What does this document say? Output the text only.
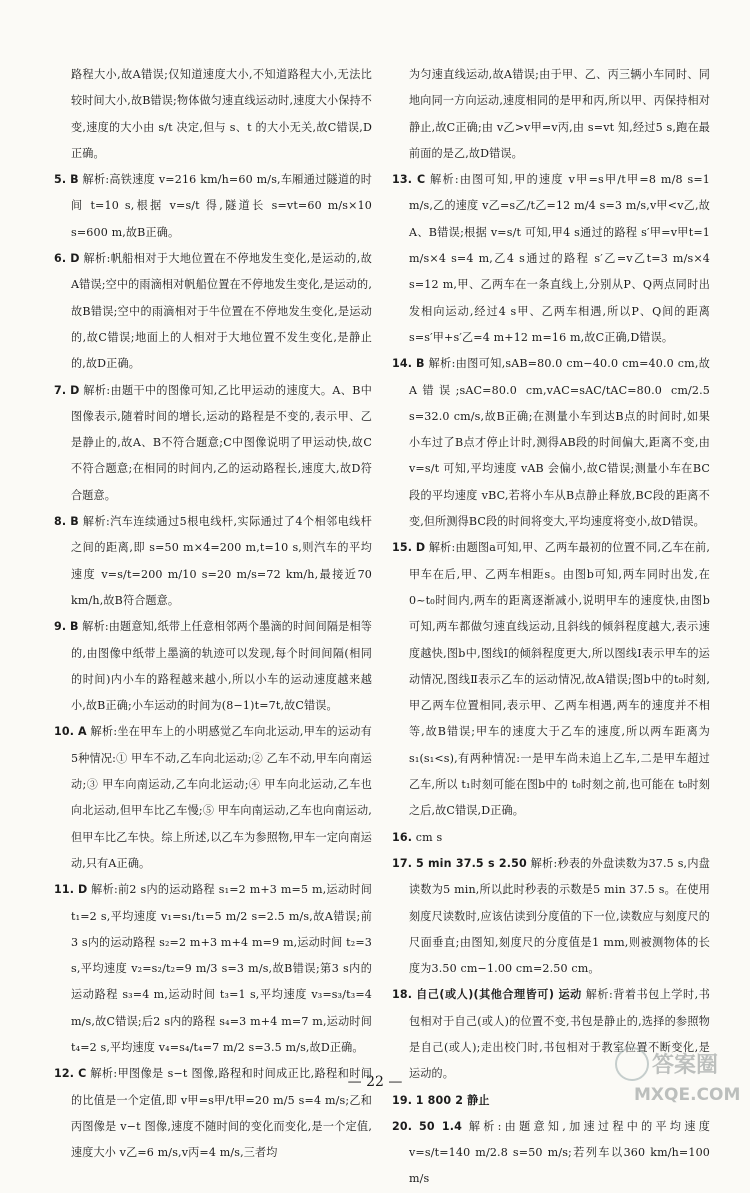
路程大小,故A错误;仅知道速度大小,不知道路程大小,无法比较时间大小,故B错误;物体做匀速直线运动时,速度大小保持不变,速度的大小由 s/t 决定,但与 s、t 的大小无关,故C错误,D正确。

5. B 解析:高铁速度 v=216 km/h=60 m/s,车厢通过隧道的时间 t=10 s,根据 v=s/t 得,隧道长 s=vt=60 m/s×10 s=600 m,故B正确。

6. D 解析:帆船相对于大地位置在不停地发生变化,是运动的,故A错误;空中的雨滴相对帆船位置在不停地发生变化,是运动的,故B错误;空中的雨滴相对于牛位置在不停地发生变化,是运动的,故C错误;地面上的人相对于大地位置不发生变化,是静止的,故D正确。

7. D 解析:由题干中的图像可知,乙比甲运动的速度大。A、B中图像表示,随着时间的增长,运动的路程是不变的,表示甲、乙是静止的,故A、B不符合题意;C中图像说明了甲运动快,故C不符合题意;在相同的时间内,乙的运动路程长,速度大,故D符合题意。

8. B 解析:汽车连续通过5根电线杆,实际通过了4个相邻电线杆之间的距离,即 s=50 m×4=200 m,t=10 s,则汽车的平均速度 v=s/t=200 m/10 s=20 m/s=72 km/h,最接近70 km/h,故B符合题意。

9. B 解析:由题意知,纸带上任意相邻两个墨滴的时间间隔是相等的,由图像中纸带上墨滴的轨迹可以发现,每个时间间隔(相同的时间)内小车的路程越来越小,所以小车的运动速度越来越小,故B正确;小车运动的时间为(8−1)t=7t,故C错误。

10. A 解析:坐在甲车上的小明感觉乙车向北运动,甲车的运动有5种情况:① 甲车不动,乙车向北运动;② 乙车不动,甲车向南运动;③ 甲车向南运动,乙车向北运动;④ 甲车向北运动,乙车也向北运动,但甲车比乙车慢;⑤ 甲车向南运动,乙车也向南运动,但甲车比乙车快。综上所述,以乙车为参照物,甲车一定向南运动,只有A正确。

11. D 解析:前2 s内的运动路程 s₁=2 m+3 m=5 m,运动时间 t₁=2 s,平均速度 v₁=s₁/t₁=5 m/2 s=2.5 m/s,故A错误;前3 s内的运动路程 s₂=2 m+3 m+4 m=9 m,运动时间 t₂=3 s,平均速度 v₂=s₂/t₂=9 m/3 s=3 m/s,故B错误;第3 s内的运动路程 s₃=4 m,运动时间 t₃=1 s,平均速度 v₃=s₃/t₃=4 m/s,故C错误;后2 s内的路程 s₄=3 m+4 m=7 m,运动时间 t₄=2 s,平均速度 v₄=s₄/t₄=7 m/2 s=3.5 m/s,故D正确。

12. C 解析:甲图像是 s−t 图像,路程和时间成正比,路程和时间的比值是一个定值,即 v甲=s甲/t甲=20 m/5 s=4 m/s;乙和丙图像是 v−t 图像,速度不随时间的变化而变化,是一个定值,速度大小 v乙=6 m/s,v丙=4 m/s,三者均

为匀速直线运动,故A错误;由于甲、乙、丙三辆小车同时、同地向同一方向运动,速度相同的是甲和丙,所以甲、丙保持相对静止,故C正确;由 v乙>v甲=v丙,由 s=vt 知,经过5 s,跑在最前面的是乙,故D错误。

13. C 解析:由图可知,甲的速度 v甲=s甲/t甲=8 m/8 s=1 m/s,乙的速度 v乙=s乙/t乙=12 m/4 s=3 m/s,v甲<v乙,故A、B错误;根据 v=s/t 可知,甲4 s通过的路程 s′甲=v甲t=1 m/s×4 s=4 m,乙4 s通过的路程 s′乙=v乙t=3 m/s×4 s=12 m,甲、乙两车在一条直线上,分别从P、Q两点同时出发相向运动,经过4 s甲、乙两车相遇,所以P、Q间的距离 s=s′甲+s′乙=4 m+12 m=16 m,故C正确,D错误。

14. B 解析:由图可知,sAB=80.0 cm−40.0 cm=40.0 cm,故A错误;sAC=80.0 cm,vAC=sAC/tAC=80.0 cm/2.5 s=32.0 cm/s,故B正确;在测量小车到达B点的时间时,如果小车过了B点才停止计时,测得AB段的时间偏大,距离不变,由 v=s/t 可知,平均速度 vAB 会偏小,故C错误;测量小车在BC段的平均速度 vBC,若将小车从B点静止释放,BC段的距离不变,但所测得BC段的时间将变大,平均速度将变小,故D错误。

15. D 解析:由题图a可知,甲、乙两车最初的位置不同,乙车在前,甲车在后,甲、乙两车相距s。由图b可知,两车同时出发,在0~t₀时间内,两车的距离逐渐减小,说明甲车的速度快,由图b可知,两车都做匀速直线运动,且斜线的倾斜程度越大,表示速度越快,图b中,图线Ⅰ的倾斜程度更大,所以图线Ⅰ表示甲车的运动情况,图线Ⅱ表示乙车的运动情况,故A错误;图b中的t₀时刻,甲乙两车位置相同,表示甲、乙两车相遇,两车的速度并不相等,故B错误;甲车的速度大于乙车的速度,所以两车距离为 s₁(s₁<s),有两种情况:一是甲车尚未追上乙车,二是甲车超过乙车,所以 t₁时刻可能在图b中的 t₀时刻之前,也可能在 t₀时刻之后,故C错误,D正确。

16. cm s

17. 5 min 37.5 s 2.50 解析:秒表的外盘读数为37.5 s,内盘读数为5 min,所以此时秒表的示数是5 min 37.5 s。在使用刻度尺读数时,应该估读到分度值的下一位,读数应与刻度尺的尺面垂直;由图知,刻度尺的分度值是1 mm,则被测物体的长度为3.50 cm−1.00 cm=2.50 cm。

18. 自己(或人)(其他合理皆可) 运动 解析:背着书包上学时,书包相对于自己(或人)的位置不变,书包是静止的,选择的参照物是自己(或人);走出校门时,书包相对于教室位置不断变化,是运动的。

19. 1 800 2 静止

20. 50 1.4 解析:由题意知,加速过程中的平均速度 v=s/t=140 m/2.8 s=50 m/s;若列车以360 km/h=100 m/s

— 22 —
答案圈
MXQE.COM
